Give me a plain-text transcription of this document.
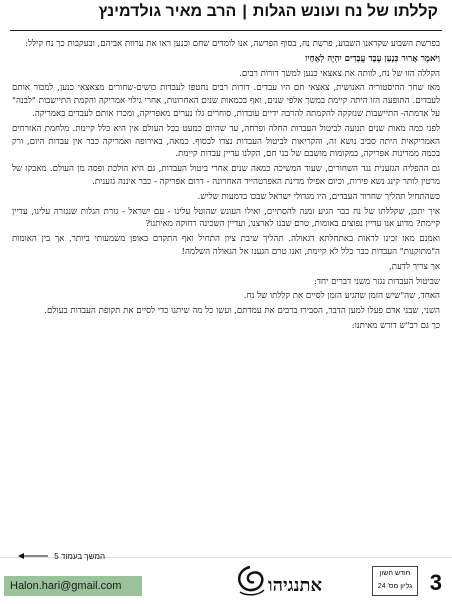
קללתו של נח ועונש הגלות|הרב מאיר גולדמינץ

בפרשת השבוע שקראנו השבוע, פרשת נח, בסוף הפרשה, אנו לומדים שחם וכנען ראו את ערוות אביהם, ובעקבות כך נח קילל:

וַיֹּאמֶר אָרוּר כְּנָעַן עֶבֶד עֲבָדִים יִהְיֶה לְאֶחָיו

הקללה הזו של נח, לוותה את צאצאי כנען למשך דורות רבים.

מאז שחר ההיסטוריה האנושית, צאצאי חם היו עבדים. דורות רבים נחטפו לעבדות כושים-שחורים מצאצאי כנען, למכור אותם לעבדים. התופעה הזו היתה קיימת במשך אלפי שנים, ואף בכמאות שנים האחרונות, אחרי גילוי אמריקה והקמת התיישבות "לבנה" על אדמתה- התיישבות שנזקקה להקמתה להרבה ידיים עובדות, סוחרים גלו נערים מאפריקה, ומכרו אותם לעבדים באמריקה.

לפני כמה מאות שנים תנועה לביטול העבדות החלה ופרחה, עד שהיום כמעט בכל העולם אין היא כלל קיימת. מלחמת האזרחים האמריקאית היתה סביב נושא זה, והקריאות לביטול העבדות נצדו לבסוף. כמאה, באירופה ואמריקה כבר אין עבדות היום, ורק בכמה ממדינות אפריקה, במקומות מושבם של בני חם, הקלנו עדיין עבדות קיימת.

גם ההפליה הגזענית נגד השחורים, שעוד המשיכה כמאה שנים אחרי ביטול העבדות, גם היא הולכת ופסה מן העולם. מאבקו של מרטין לותר קינג נשא פירות, וכיום אפילו מדינת האפרטהייד האחרונה - דרום אפריקה - כבר איננה גזענית.

כשהתחיל תהליך שחרור העבדים, היו מגדולי ישראל שבכו בדמעות שליש.

איך יתכן, שקללתו של נח כבר הגיע זמנה להסתיים, ואילו העונש שהוטל עלינו - עם ישראל - גזרת הגלות שנגזרה עלינו, עדיין קיימת? מדוע אנו עדיין נפוצים באומות, טרם שבנו לארצנו, ועדיין השכינה רחוקה מאיתנו?

ואמנם מאז זכינו לראות באתחלתא דגאולה. תהליך שיבת ציון התחיל ואף התקדם באופן משמעותי ביותר, אך בין האומות ה"מתוקנות" העבדות כבר כלל לא קיימת, ואנו טרם הגענו אל הגאולה השלמה!

אך צריך לדעת,

שביטול העבדות נגזר משני דברים יחד:

האחד, שה"שיש הזמן שהגיע הזמן לסיים את קללתו של נח.

השני, שבני אדם פעלו למען הדבר, הסבירו ברבים את עמדתם, ועשו כל מה שיתנו כדי לסיים את תקופת העבדות בעולם.

כך גם רב"ש דורש מאיתנו:

המשך בעמוד 5
Halon.hari@gmail.com	אתנגיהו
חודש חשון
גליון מס' 24 3
